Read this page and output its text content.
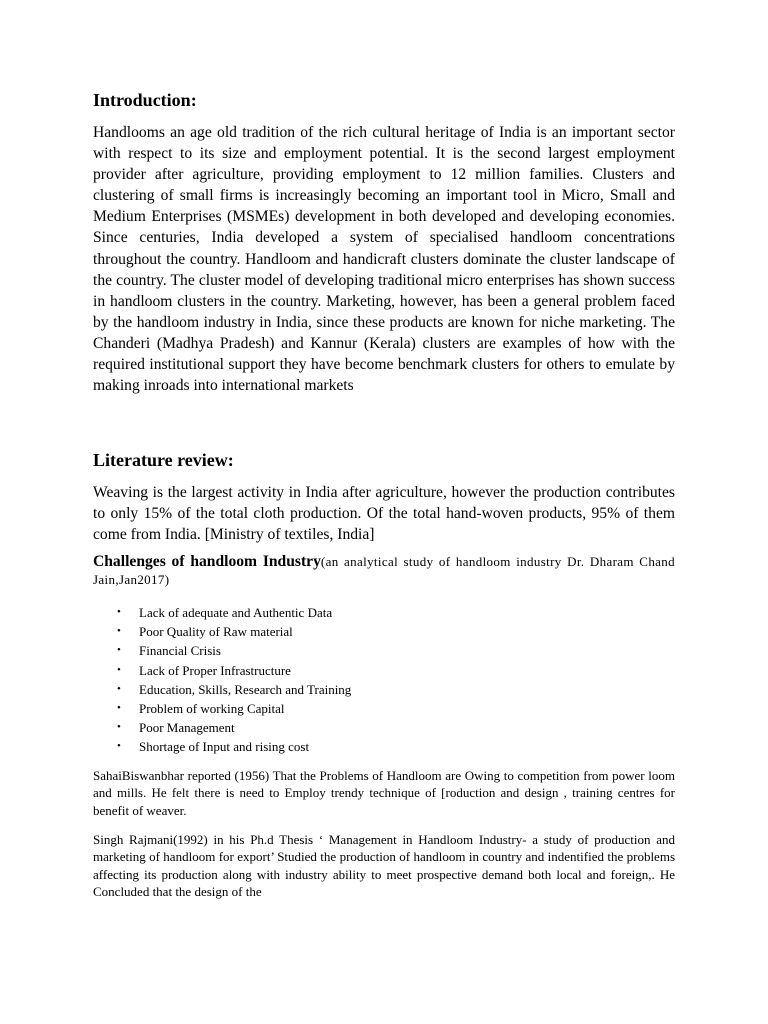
Introduction:

Handlooms an age old tradition of the rich cultural heritage of India is an important sector with respect to its size and employment potential. It is the second largest employment provider after agriculture, providing employment to 12 million families. Clusters and clustering of small firms is increasingly becoming an important tool in Micro, Small and Medium Enterprises (MSMEs) development in both developed and developing economies. Since centuries, India developed a system of specialised handloom concentrations throughout the country. Handloom and handicraft clusters dominate the cluster landscape of the country. The cluster model of developing traditional micro enterprises has shown success in handloom clusters in the country. Marketing, however, has been a general problem faced by the handloom industry in India, since these products are known for niche marketing. The Chanderi (Madhya Pradesh) and Kannur (Kerala) clusters are examples of how with the required institutional support they have become benchmark clusters for others to emulate by making inroads into international markets

Literature review:

Weaving is the largest activity in India after agriculture, however the production contributes to only 15% of the total cloth production. Of the total hand-woven products, 95% of them come from India. [Ministry of textiles, India]

Challenges of handloom Industry(an analytical study of handloom industry Dr. Dharam Chand Jain,Jan2017)

• Lack of adequate and Authentic Data
• Poor Quality of Raw material
• Financial Crisis
• Lack of Proper Infrastructure
• Education, Skills, Research and Training
• Problem of working Capital
• Poor Management
• Shortage of Input and rising cost

SahaiBiswanbhar reported (1956) That the Problems of Handloom are Owing to competition from power loom and mills. He felt there is need to Employ trendy technique of [roduction and design , training centres for benefit of weaver.

Singh Rajmani(1992) in his Ph.d Thesis ‘ Management in Handloom Industry- a study of production and marketing of handloom for export’ Studied the production of handloom in country and indentified the problems affecting its production along with industry ability to meet prospective demand both local and foreign,. He Concluded that the design of the
